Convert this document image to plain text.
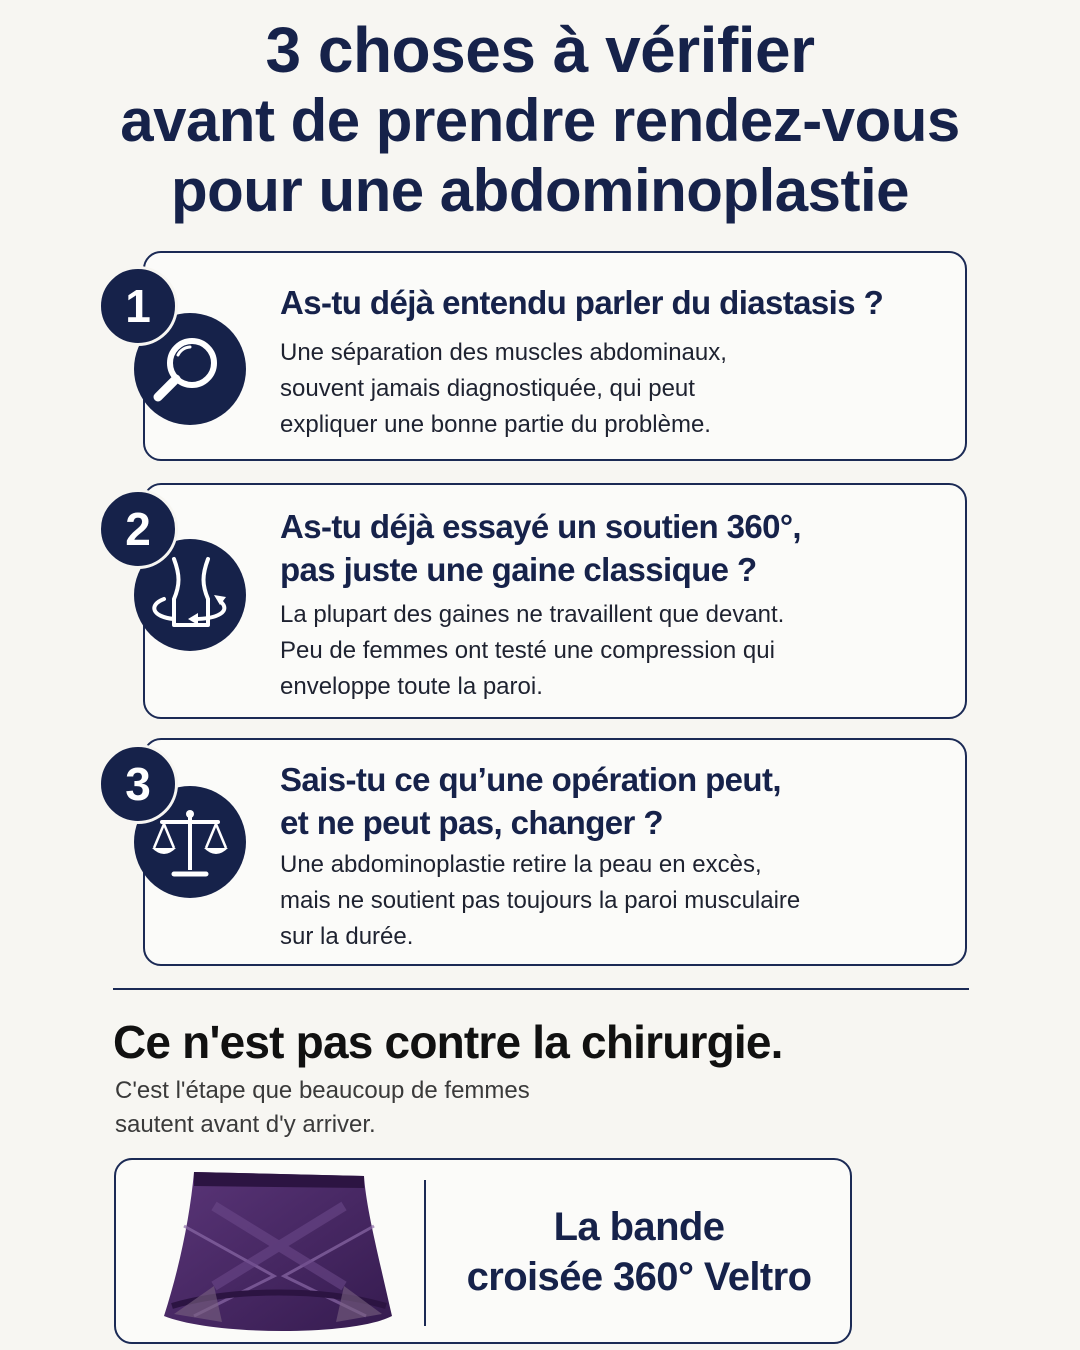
3 choses à vérifier
avant de prendre rendez-vous
pour une abdominoplastie
As-tu déjà entendu parler du diastasis ?
Une séparation des muscles abdominaux,
souvent jamais diagnostiquée, qui peut
expliquer une bonne partie du problème.
1
As-tu déjà essayé un soutien 360°,
pas juste une gaine classique ?
La plupart des gaines ne travaillent que devant.
Peu de femmes ont testé une compression qui
enveloppe toute la paroi.
2
Sais-tu ce qu’une opération peut,
et ne peut pas, changer ?
Une abdominoplastie retire la peau en excès,
mais ne soutient pas toujours la paroi musculaire
sur la durée.
3
Ce n'est pas contre la chirurgie.
C'est l'étape que beaucoup de femmes
sautent avant d'y arriver.
La bande
croisée 360° Veltro
